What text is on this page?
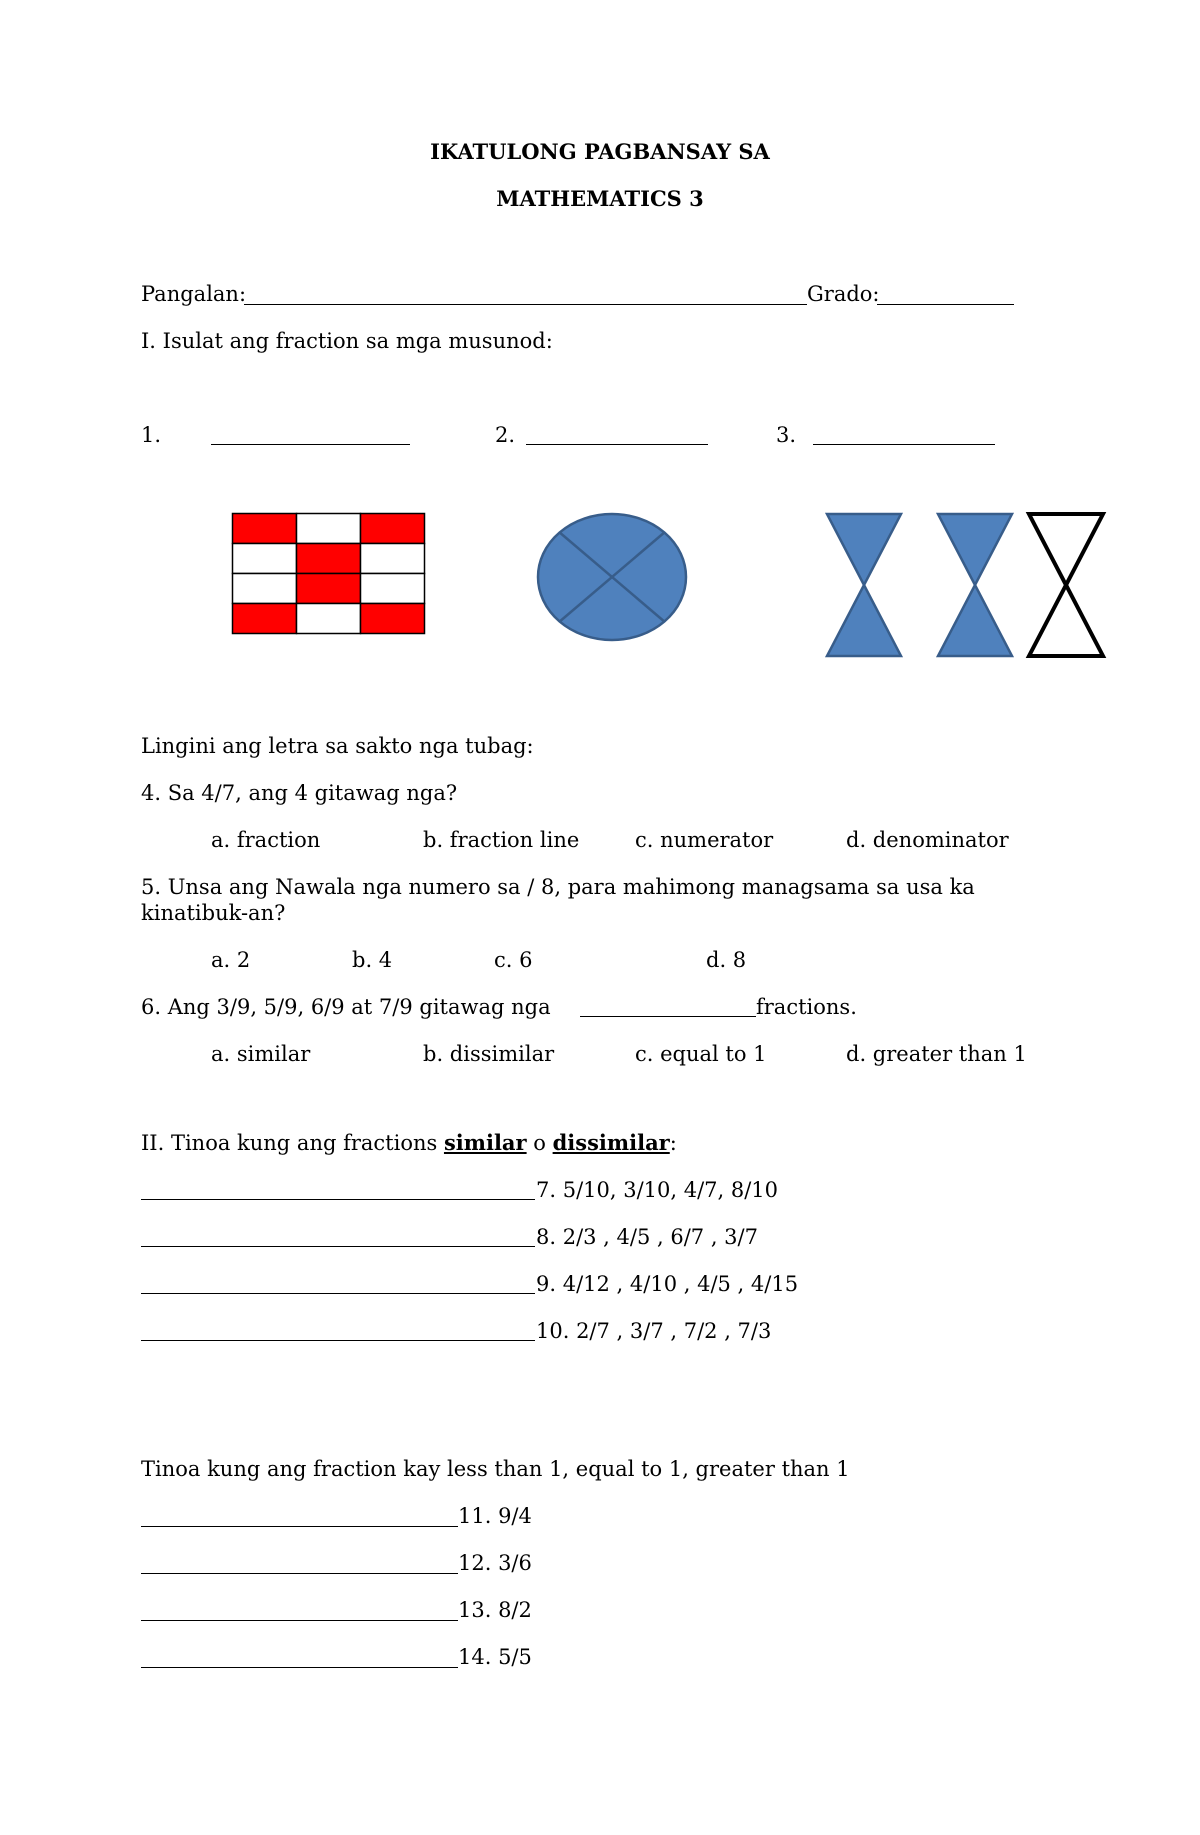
IKATULONG PAGBANSAY SA
MATHEMATICS 3
Pangalan:	Grado:
I. Isulat ang fraction sa mga musunod:
1.	2.	3.
Lingini ang letra sa sakto nga tubag:
4. Sa 4/7, ang 4 gitawag nga?
a. fraction	b. fraction line	c. numerator	d. denominator
5. Unsa ang Nawala nga numero sa / 8, para mahimong managsama sa usa ka
kinatibuk-an?
a. 2	b. 4	c. 6	d. 8
6. Ang 3/9, 5/9, 6/9 at 7/9 gitawag nga	fractions.
a. similar	b. dissimilar	c. equal to 1	d. greater than 1
II. Tinoa kung ang fractions similar o dissimilar:
7. 5/10, 3/10, 4/7, 8/10
8. 2/3 , 4/5 , 6/7 , 3/7
9. 4/12 , 4/10 , 4/5 , 4/15
10. 2/7 , 3/7 , 7/2 , 7/3
Tinoa kung ang fraction kay less than 1, equal to 1, greater than 1
11. 9/4
12. 3/6
13. 8/2
14. 5/5
